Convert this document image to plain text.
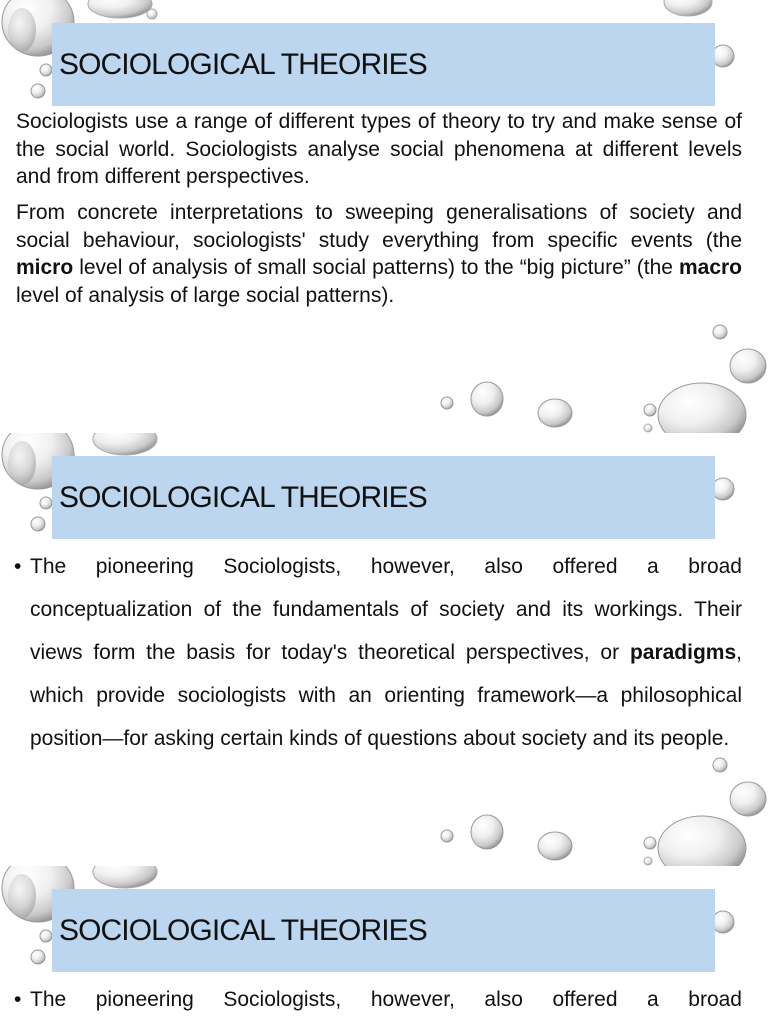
SOCIOLOGICAL THEORIES

Sociologists use a range of different types of theory to try and make sense of the social world. Sociologists analyse social phenomena at different levels and from different perspectives.

From concrete interpretations to sweeping generalisations of society and social behaviour, sociologists' study everything from specific events (the micro level of analysis of small social patterns) to the “big picture” (the macro level of analysis of large social patterns).

SOCIOLOGICAL THEORIES
• The pioneering Sociologists, however, also offered a broad conceptualization of the fundamentals of society and its workings. Their views form the basis for today's theoretical perspectives, or paradigms, which provide sociologists with an orienting framework—a philosophical position—for asking certain kinds of questions about society and its people.

SOCIOLOGICAL THEORIES
• The pioneering Sociologists, however, also offered a broad
